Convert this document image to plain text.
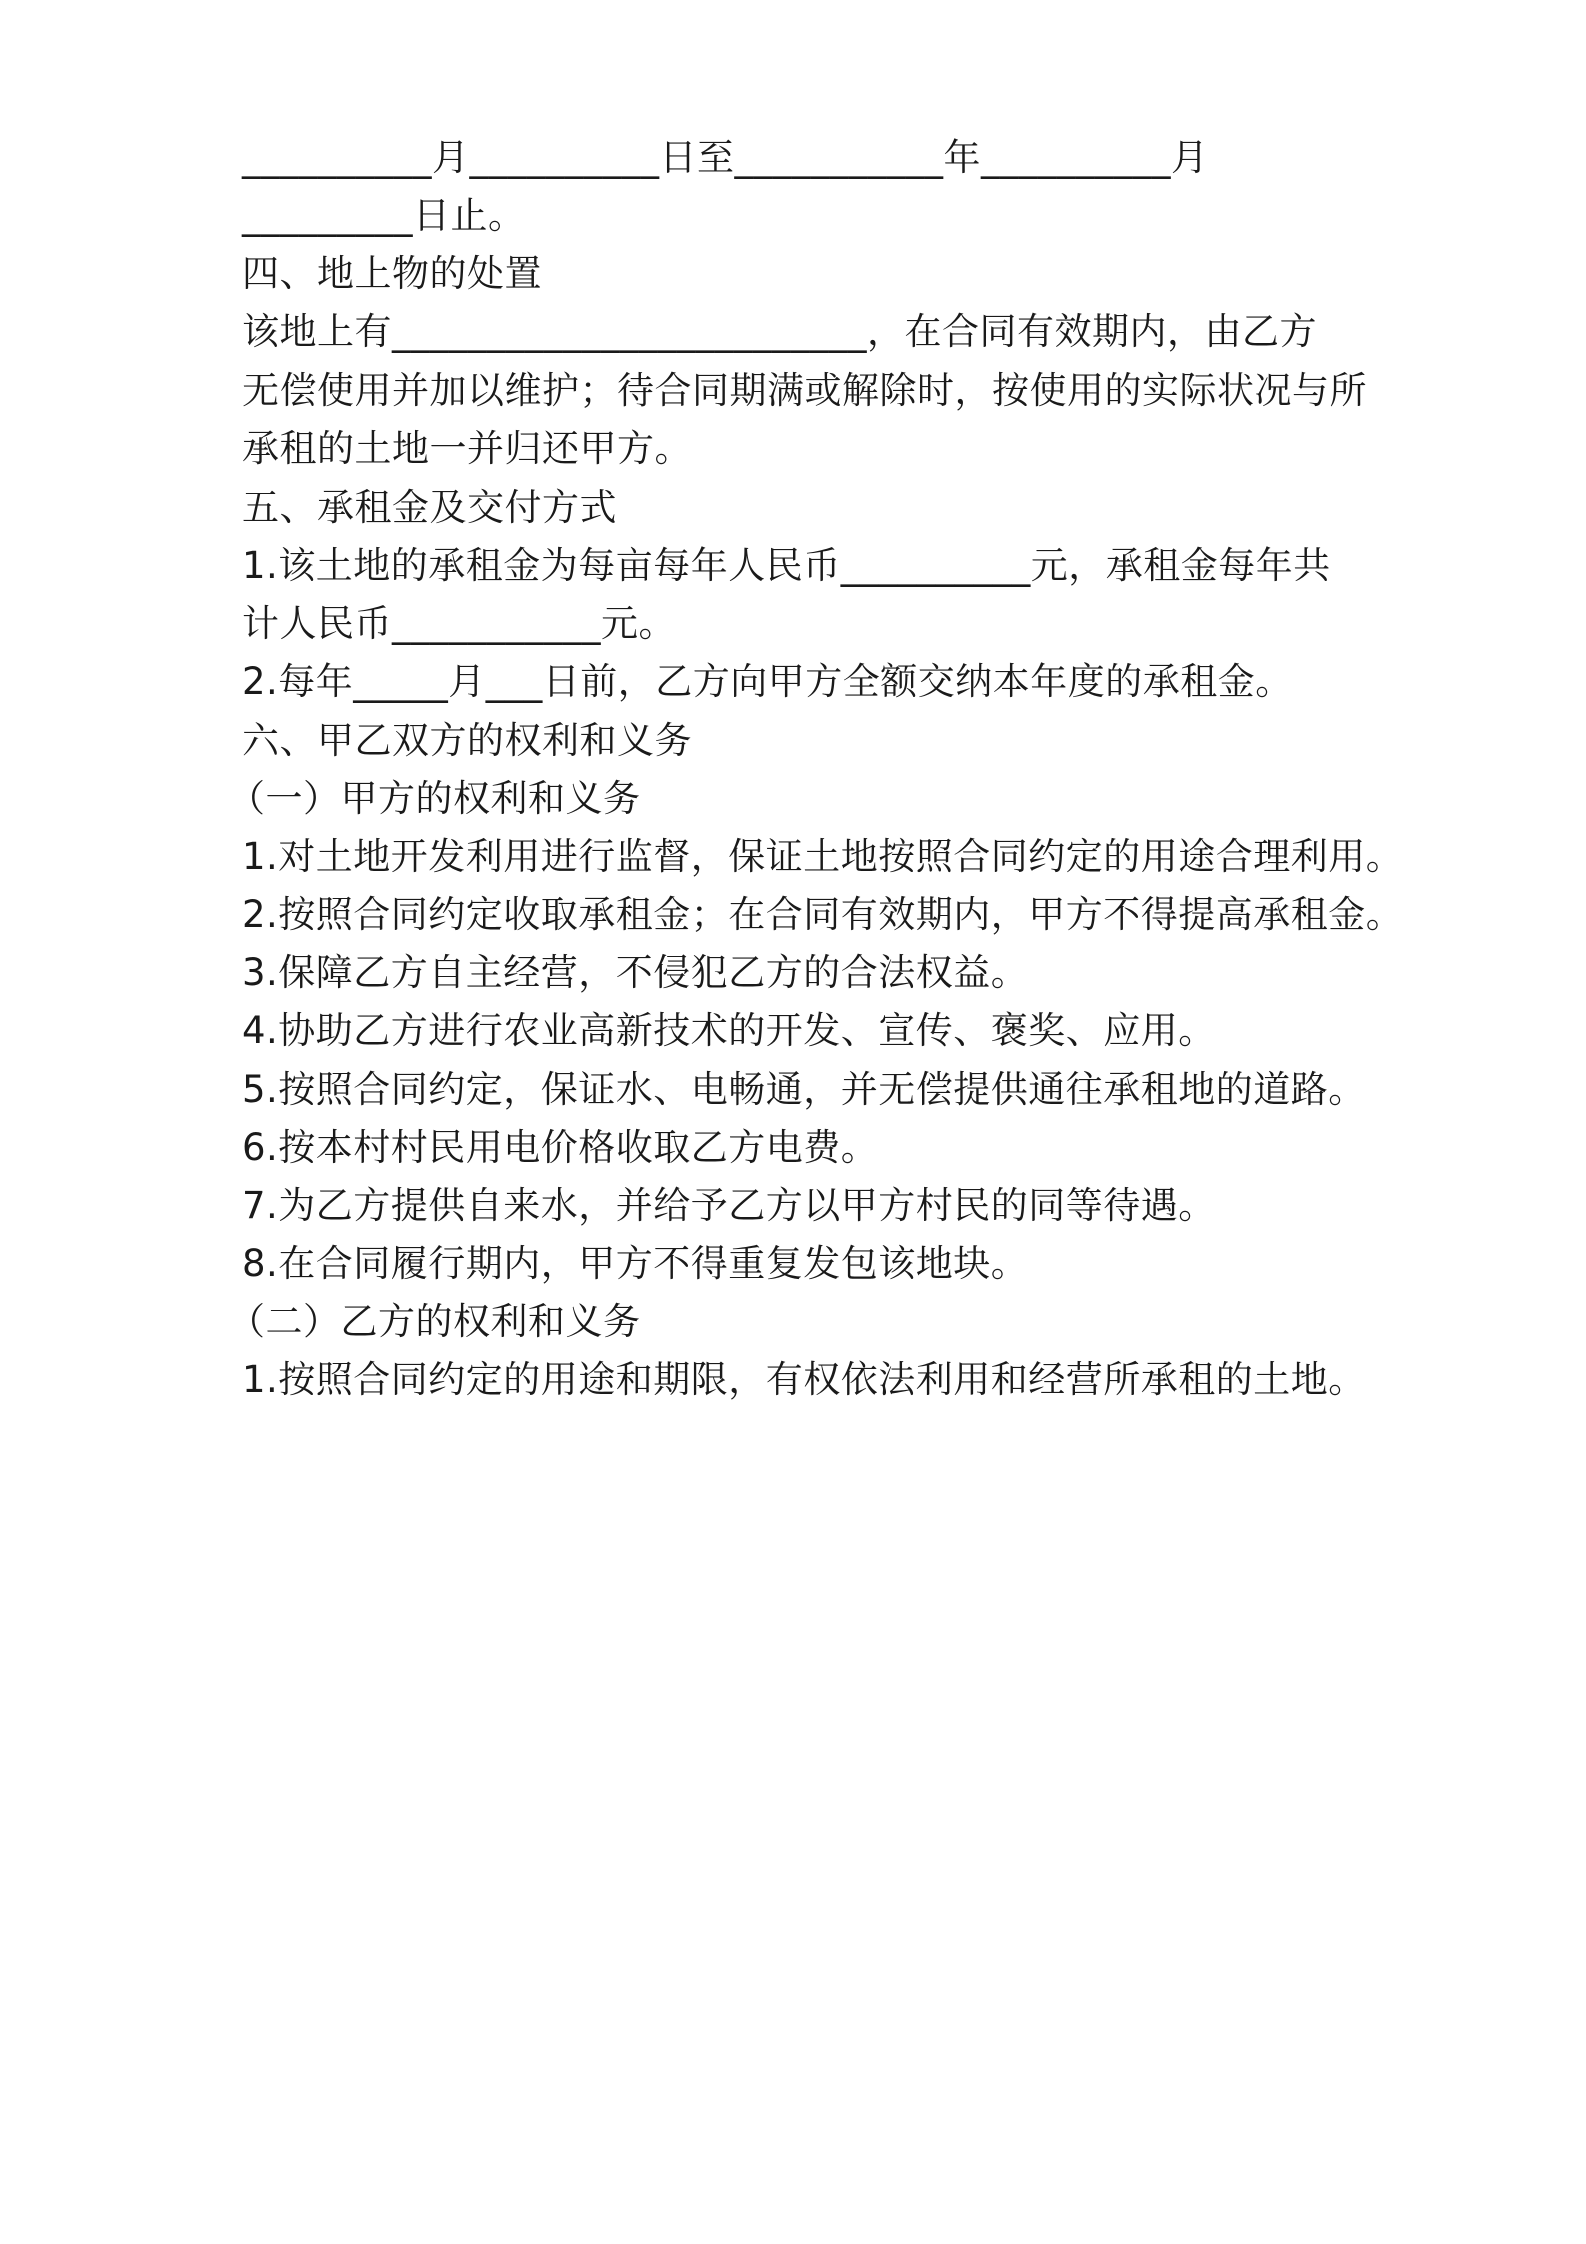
__________月__________日至___________年__________月
_________日止。
四、地上物的处置
该地上有_________________________，在合同有效期内，由乙方
无偿使用并加以维护；待合同期满或解除时，按使用的实际状况与所
承租的土地一并归还甲方。
五、承租金及交付方式
1.该土地的承租金为每亩每年人民币__________元，承租金每年共
计人民币___________元。
2.每年_____月___日前，乙方向甲方全额交纳本年度的承租金。
六、甲乙双方的权利和义务
（一）甲方的权利和义务
1.对土地开发利用进行监督，保证土地按照合同约定的用途合理利用。
2.按照合同约定收取承租金；在合同有效期内，甲方不得提高承租金。
3.保障乙方自主经营，不侵犯乙方的合法权益。
4.协助乙方进行农业高新技术的开发、宣传、褒奖、应用。
5.按照合同约定，保证水、电畅通，并无偿提供通往承租地的道路。
6.按本村村民用电价格收取乙方电费。
7.为乙方提供自来水，并给予乙方以甲方村民的同等待遇。
8.在合同履行期内，甲方不得重复发包该地块。
（二）乙方的权利和义务
1.按照合同约定的用途和期限，有权依法利用和经营所承租的土地。
